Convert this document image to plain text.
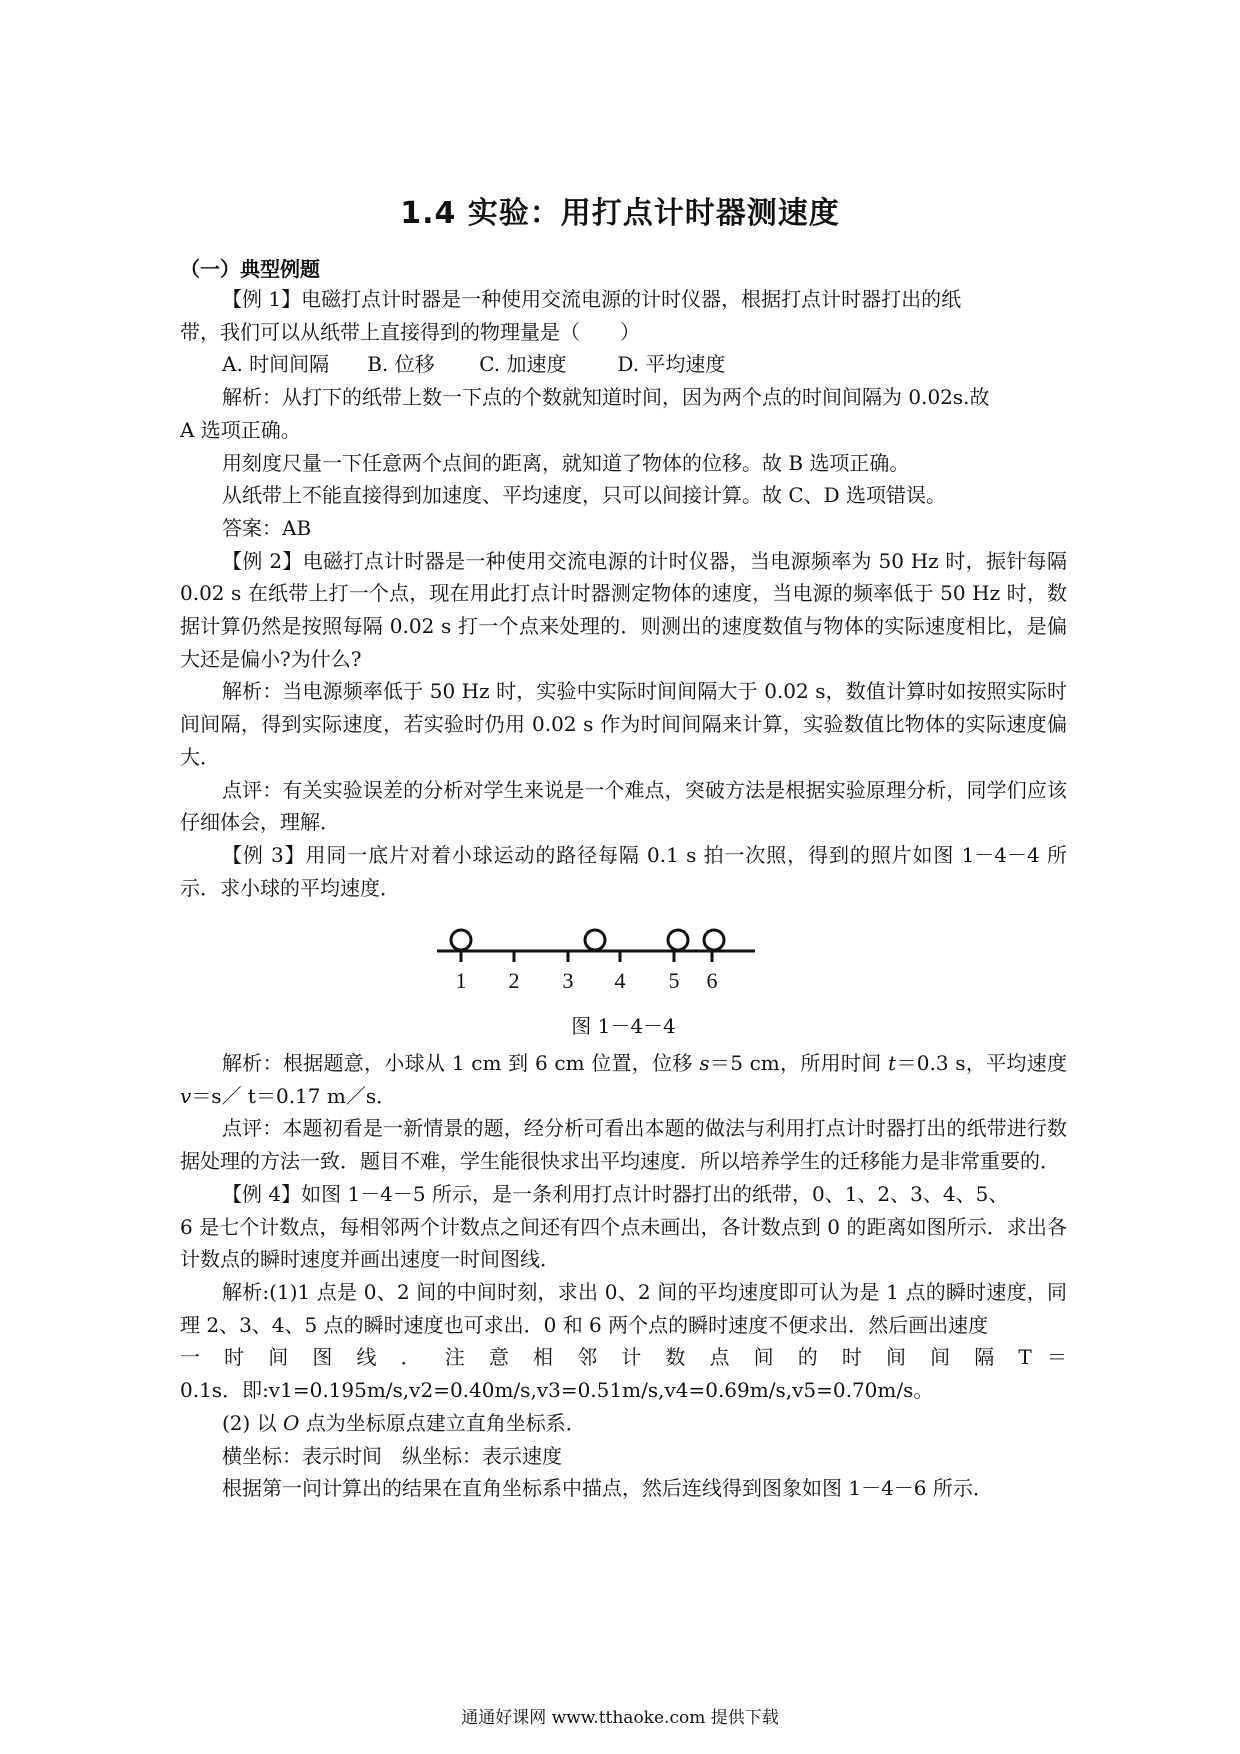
1.4 实验：用打点计时器测速度
（一）典型例题

【例 1】电磁打点计时器是一种使用交流电源的计时仪器，根据打点计时器打出的纸

带，我们可以从纸带上直接得到的物理量是（　　）

A. 时间间隔      B. 位移       C. 加速度        D. 平均速度

解析：从打下的纸带上数一下点的个数就知道时间，因为两个点的时间间隔为 0.02s.故

A 选项正确。

用刻度尺量一下任意两个点间的距离，就知道了物体的位移。故 B 选项正确。

从纸带上不能直接得到加速度、平均速度，只可以间接计算。故 C、D 选项错误。

答案：AB

【例 2】电磁打点计时器是一种使用交流电源的计时仪器，当电源频率为 50 Hz 时，振针每隔 0.02 s 在纸带上打一个点，现在用此打点计时器测定物体的速度，当电源的频率低于 50 Hz 时，数据计算仍然是按照每隔 0.02 s 打一个点来处理的．则测出的速度数值与物体的实际速度相比，是偏大还是偏小?为什么?

解析：当电源频率低于 50 Hz 时，实验中实际时间间隔大于 0.02 s，数值计算时如按照实际时间间隔，得到实际速度，若实验时仍用 0.02 s 作为时间间隔来计算，实验数值比物体的实际速度偏大．

点评：有关实验误差的分析对学生来说是一个难点，突破方法是根据实验原理分析，同学们应该仔细体会，理解．

【例 3】用同一底片对着小球运动的路径每隔 0.1 s 拍一次照，得到的照片如图 1－4－4 所示．求小球的平均速度．

1 2 3 4 5 6

图 1－4－4

解析：根据题意，小球从 1 cm 到 6 cm 位置，位移 s＝5 cm，所用时间 t＝0.3 s，平均速度 v＝s／ t＝0.17 m／s．

点评：本题初看是一新情景的题，经分析可看出本题的做法与利用打点计时器打出的纸带进行数据处理的方法一致．题目不难，学生能很快求出平均速度．所以培养学生的迁移能力是非常重要的．

【例 4】如图 1－4－5 所示，是一条利用打点计时器打出的纸带，0、1、2、3、4、5、

6 是七个计数点，每相邻两个计数点之间还有四个点未画出，各计数点到 0 的距离如图所示．求出各计数点的瞬时速度并画出速度一时间图线．

解析:(1)1 点是 0、2 间的中间时刻，求出 0、2 间的平均速度即可认为是 1 点的瞬时速度，同理 2、3、4、5 点的瞬时速度也可求出．0 和 6 两个点的瞬时速度不便求出．然后画出速度

一 时 间 图 线 ． 注 意 相 邻 计 数 点 间 的 时 间 间 隔 T ＝

0.1s．即:v1=0.195m/s,v2=0.40m/s,v3=0.51m/s,v4=0.69m/s,v5=0.70m/s。

(2) 以 O 点为坐标原点建立直角坐标系．

横坐标：表示时间　纵坐标：表示速度

根据第一问计算出的结果在直角坐标系中描点，然后连线得到图象如图 1－4－6 所示．

通通好课网 www.tthaoke.com 提供下载
